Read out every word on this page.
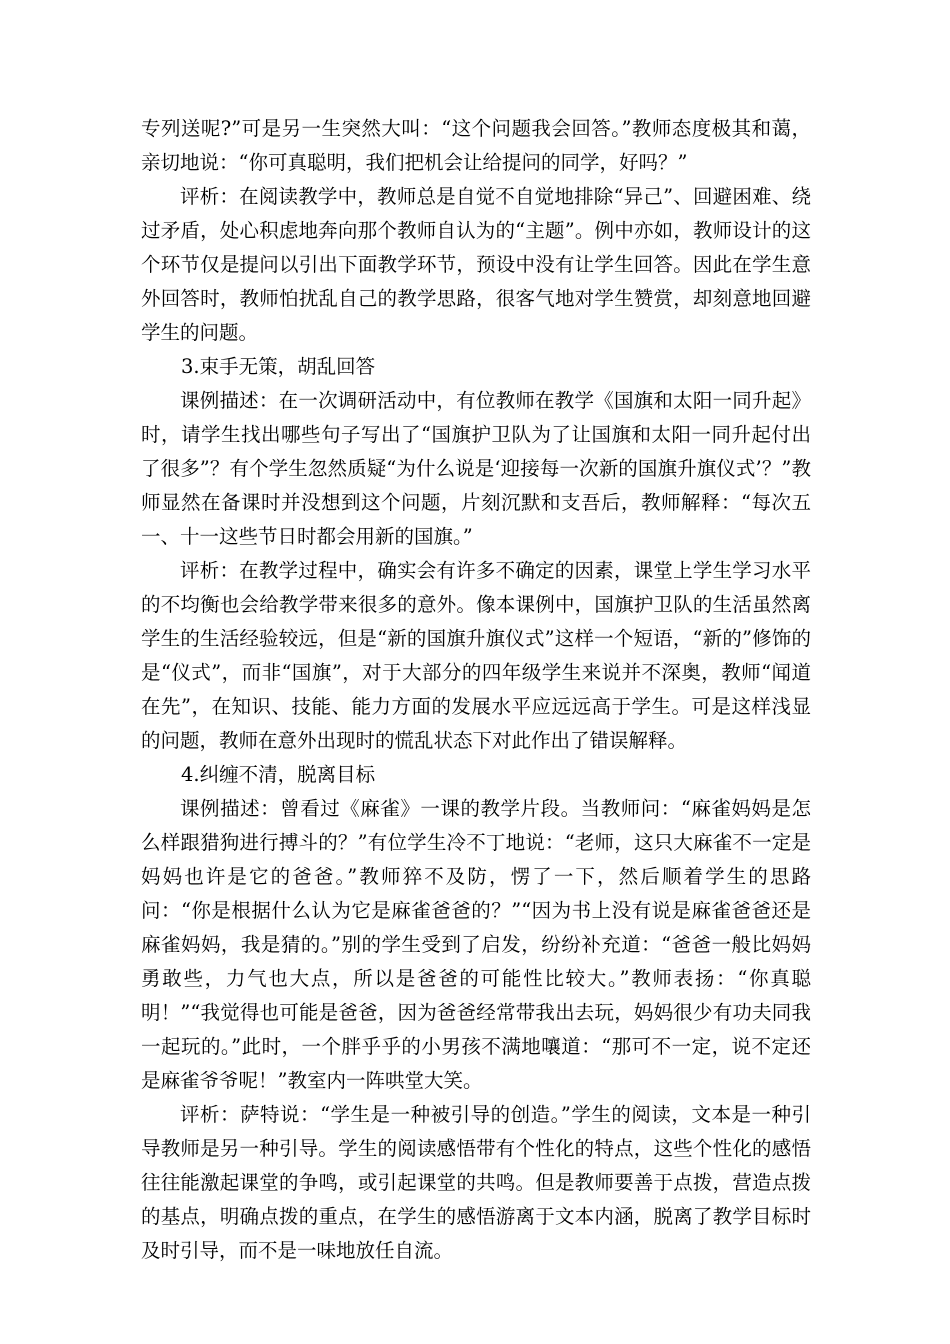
专列送呢?”可是另一生突然大叫：“这个问题我会回答。”教师态度极其和蔼，亲切地说：“你可真聪明，我们把机会让给提问的同学，好吗？”

评析：在阅读教学中，教师总是自觉不自觉地排除“异己”、回避困难、绕过矛盾，处心积虑地奔向那个教师自认为的“主题”。例中亦如，教师设计的这个环节仅是提问以引出下面教学环节，预设中没有让学生回答。因此在学生意外回答时，教师怕扰乱自己的教学思路，很客气地对学生赞赏，却刻意地回避学生的问题。

3.束手无策，胡乱回答

课例描述：在一次调研活动中，有位教师在教学《国旗和太阳一同升起》时，请学生找出哪些句子写出了“国旗护卫队为了让国旗和太阳一同升起付出了很多”？有个学生忽然质疑“为什么说是‘迎接每一次新的国旗升旗仪式’？”教师显然在备课时并没想到这个问题，片刻沉默和支吾后，教师解释：“每次五一、十一这些节日时都会用新的国旗。”

评析：在教学过程中，确实会有许多不确定的因素，课堂上学生学习水平的不均衡也会给教学带来很多的意外。像本课例中，国旗护卫队的生活虽然离学生的生活经验较远，但是“新的国旗升旗仪式”这样一个短语，“新的”修饰的是“仪式”，而非“国旗”，对于大部分的四年级学生来说并不深奥，教师“闻道在先”，在知识、技能、能力方面的发展水平应远远高于学生。可是这样浅显的问题，教师在意外出现时的慌乱状态下对此作出了错误解释。

4.纠缠不清，脱离目标

课例描述：曾看过《麻雀》一课的教学片段。当教师问：“麻雀妈妈是怎么样跟猎狗进行搏斗的？”有位学生冷不丁地说：“老师，这只大麻雀不一定是妈妈也许是它的爸爸。”教师猝不及防，愣了一下，然后顺着学生的思路问：“你是根据什么认为它是麻雀爸爸的？”“因为书上没有说是麻雀爸爸还是麻雀妈妈，我是猜的。”别的学生受到了启发，纷纷补充道：“爸爸一般比妈妈勇敢些，力气也大点，所以是爸爸的可能性比较大。”教师表扬：“你真聪明！”“我觉得也可能是爸爸，因为爸爸经常带我出去玩，妈妈很少有功夫同我一起玩的。”此时，一个胖乎乎的小男孩不满地嚷道：“那可不一定，说不定还是麻雀爷爷呢！”教室内一阵哄堂大笑。

评析：萨特说：“学生是一种被引导的创造。”学生的阅读，文本是一种引导教师是另一种引导。学生的阅读感悟带有个性化的特点，这些个性化的感悟往往能激起课堂的争鸣，或引起课堂的共鸣。但是教师要善于点拨，营造点拨的基点，明确点拨的重点，在学生的感悟游离于文本内涵，脱离了教学目标时及时引导，而不是一味地放任自流。
